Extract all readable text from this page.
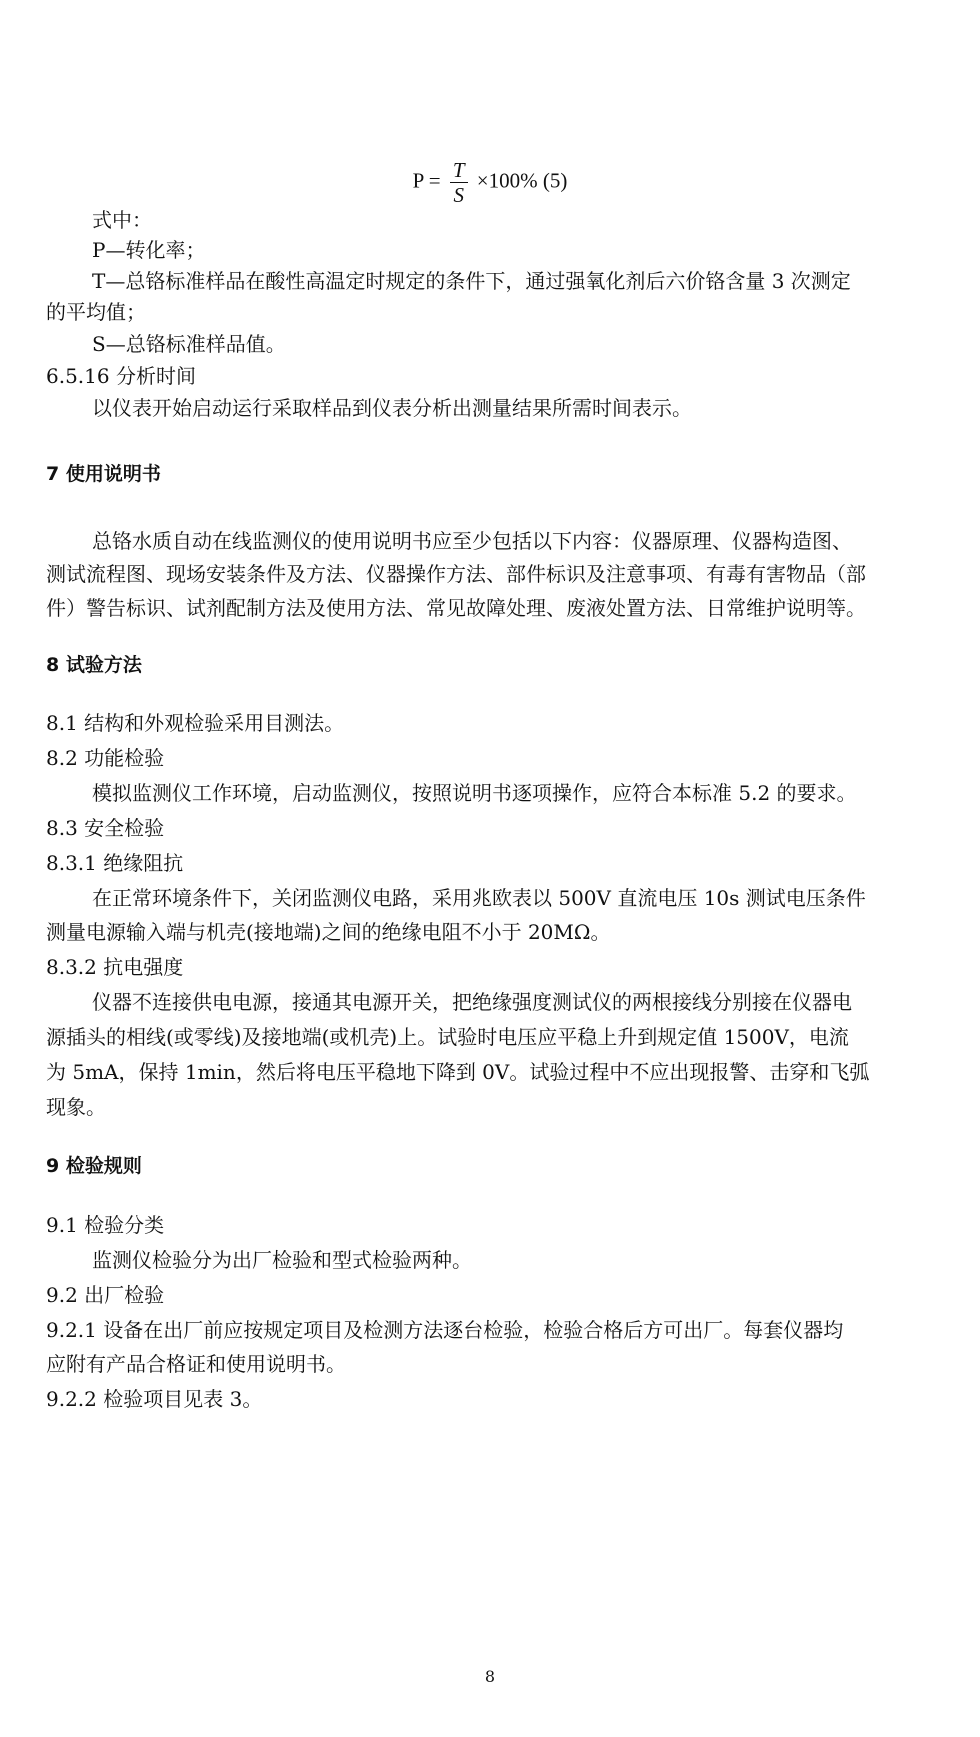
$P = \frac{T}{S} \times 100\%$ (5)
式中：
P—转化率；
T—总铬标准样品在酸性高温定时规定的条件下，通过强氧化剂后六价铬含量 3 次测定
的平均值；
S—总铬标准样品值。
6.5.16 分析时间
以仪表开始启动运行采取样品到仪表分析出测量结果所需时间表示。
7 使用说明书
总铬水质自动在线监测仪的使用说明书应至少包括以下内容：仪器原理、仪器构造图、
测试流程图、现场安装条件及方法、仪器操作方法、部件标识及注意事项、有毒有害物品（部
件）警告标识、试剂配制方法及使用方法、常见故障处理、废液处置方法、日常维护说明等。
8 试验方法
8.1 结构和外观检验采用目测法。
8.2 功能检验
模拟监测仪工作环境，启动监测仪，按照说明书逐项操作，应符合本标准 5.2 的要求。
8.3 安全检验
8.3.1 绝缘阻抗
在正常环境条件下，关闭监测仪电路，采用兆欧表以 500V 直流电压 10s 测试电压条件
测量电源输入端与机壳(接地端)之间的绝缘电阻不小于 20MΩ。
8.3.2 抗电强度
仪器不连接供电电源，接通其电源开关，把绝缘强度测试仪的两根接线分别接在仪器电
源插头的相线(或零线)及接地端(或机壳)上。试验时电压应平稳上升到规定值 1500V，电流
为 5mA，保持 1min，然后将电压平稳地下降到 0V。试验过程中不应出现报警、击穿和飞弧
现象。
9 检验规则
9.1 检验分类
监测仪检验分为出厂检验和型式检验两种。
9.2 出厂检验
9.2.1 设备在出厂前应按规定项目及检测方法逐台检验，检验合格后方可出厂。每套仪器均
应附有产品合格证和使用说明书。
9.2.2 检验项目见表 3。
8
